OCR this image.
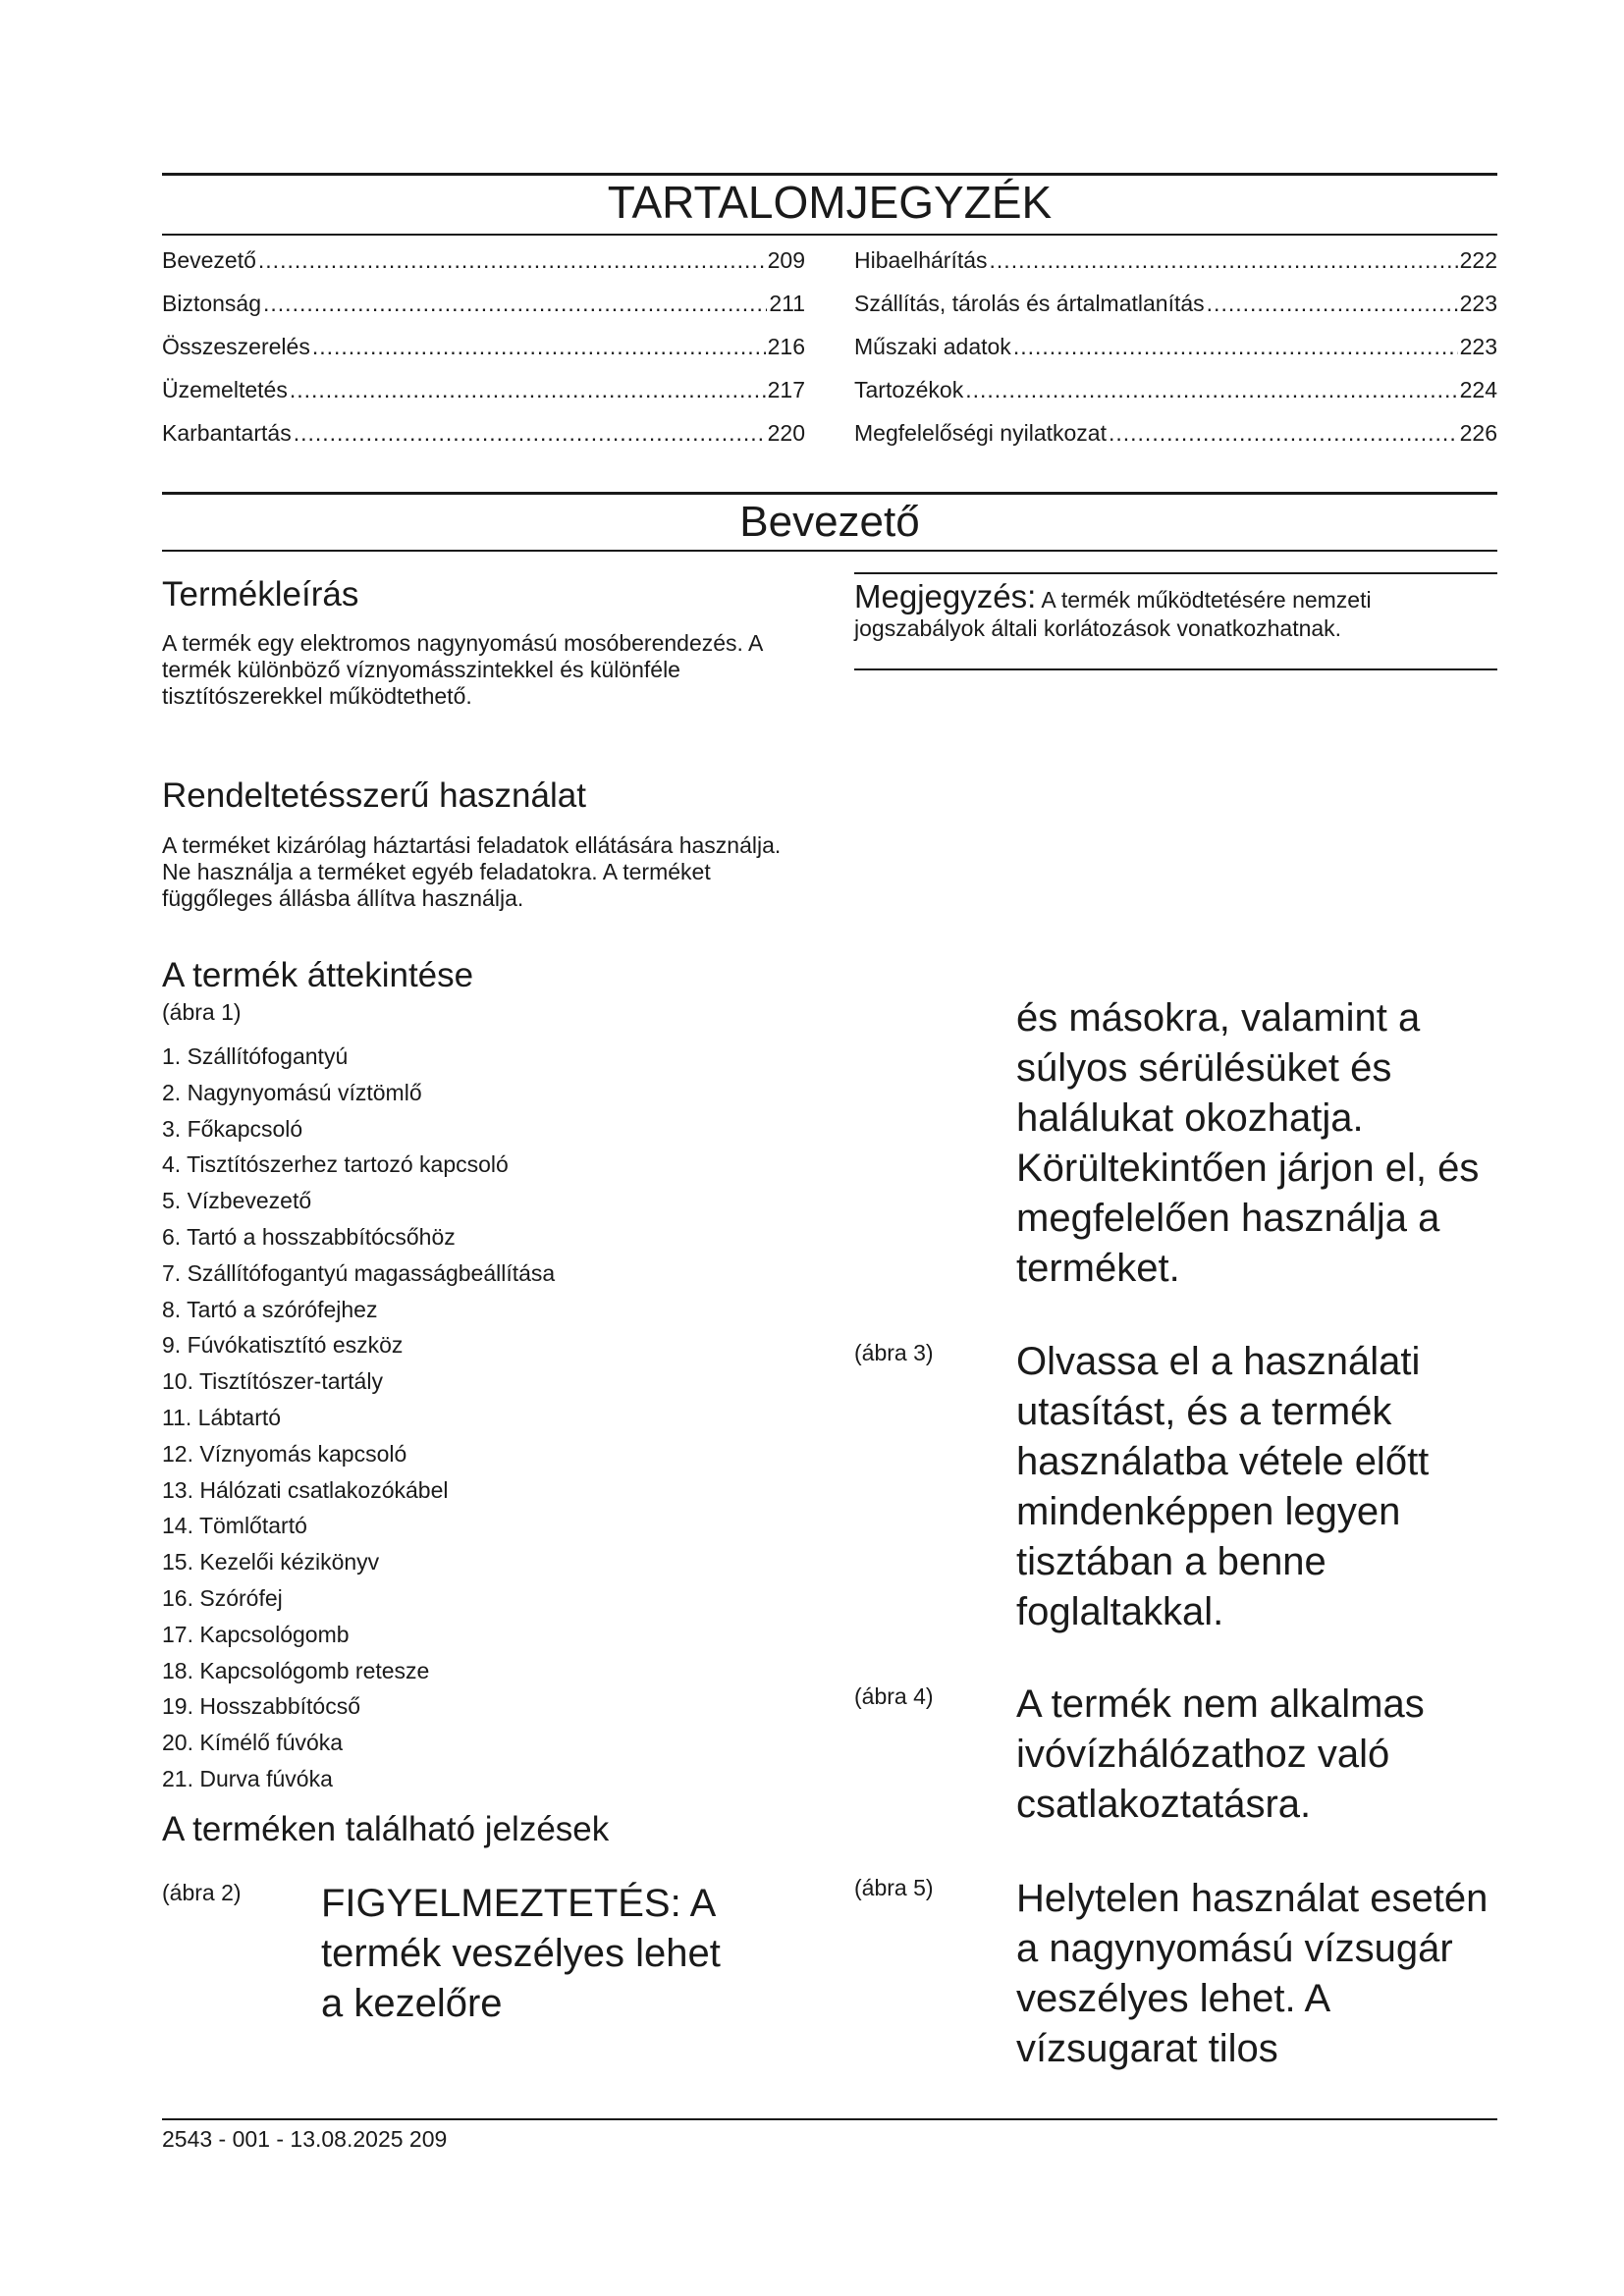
TARTALOMJEGYZÉK
Bevezető .....	209
Biztonság .....	211
Összeszerelés .....	216
Üzemeltetés .....	217
Karbantartás .....	220
Hibaelhárítás .....	222
Szállítás, tárolás és ártalmatlanítás .....	223
Műszaki adatok .....	223
Tartozékok .....	224
Megfelelőségi nyilatkozat .....	226
Bevezető
Termékleírás
A termék egy elektromos nagynyomású mosóberendezés. A termék különböző víznyomásszintekkel és különféle tisztítószerekkel működtethető.
Rendeltetésszerű használat
A terméket kizárólag háztartási feladatok ellátására használja. Ne használja a terméket egyéb feladatokra. A terméket függőleges állásba állítva használja.
A termék áttekintése
(ábra 1)
1. Szállítófogantyú
2. Nagynyomású víztömlő
3. Főkapcsoló
4. Tisztítószerhez tartozó kapcsoló
5. Vízbevezető
6. Tartó a hosszabbítócsőhöz
7. Szállítófogantyú magasságbeállítása
8. Tartó a szórófejhez
9. Fúvókatisztító eszköz
10. Tisztítószer-tartály
11. Lábtartó
12. Víznyomás kapcsoló
13. Hálózati csatlakozókábel
14. Tömlőtartó
15. Kezelői kézikönyv
16. Szórófej
17. Kapcsológomb
18. Kapcsológomb retesze
19. Hosszabbítócső
20. Kímélő fúvóka
21. Durva fúvóka
A terméken található jelzések
(ábra 2) FIGYELMEZTETÉS: A termék veszélyes lehet a kezelőre
Megjegyzés: A termék működtetésére nemzeti jogszabályok általi korlátozások vonatkozhatnak.
és másokra, valamint a súlyos sérülésüket és halálukat okozhatja. Körültekintően járjon el, és megfelelően használja a terméket.
(ábra 3) Olvassa el a használati utasítást, és a termék használatba vétele előtt mindenképpen legyen tisztában a benne foglaltakkal.
(ábra 4) A termék nem alkalmas ivóvízhálózathoz való csatlakoztatásra.
(ábra 5) Helytelen használat esetén a nagynyomású vízsugár veszélyes lehet. A vízsugarat tilos
2543 - 001 - 13.08.2025 209
